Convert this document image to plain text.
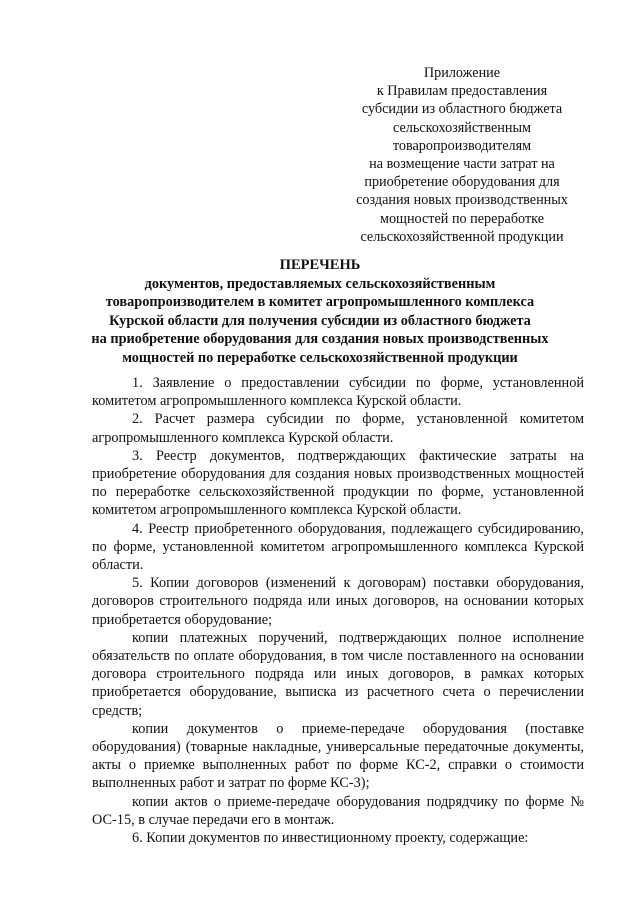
Приложение
к Правилам предоставления
субсидии из областного бюджета
сельскохозяйственным
товаропроизводителям
на возмещение части затрат на
приобретение оборудования для
создания новых производственных
мощностей по переработке
сельскохозяйственной продукции
ПЕРЕЧЕНЬ
документов, предоставляемых сельскохозяйственным
товаропроизводителем в комитет агропромышленного комплекса
Курской области для получения субсидии из областного бюджета
на приобретение оборудования для создания новых производственных
мощностей по переработке сельскохозяйственной продукции

1. Заявление о предоставлении субсидии по форме, установленной комитетом агропромышленного комплекса Курской области.

2. Расчет размера субсидии по форме, установленной комитетом агропромышленного комплекса Курской области.

3. Реестр документов, подтверждающих фактические затраты на приобретение оборудования для создания новых производственных мощностей по переработке сельскохозяйственной продукции по форме, установленной комитетом агропромышленного комплекса Курской области.

4. Реестр приобретенного оборудования, подлежащего субсидированию, по форме, установленной комитетом агропромышленного комплекса Курской области.

5. Копии договоров (изменений к договорам) поставки оборудования, договоров строительного подряда или иных договоров, на основании которых приобретается оборудование;

копии платежных поручений, подтверждающих полное исполнение обязательств по оплате оборудования, в том числе поставленного на основании договора строительного подряда или иных договоров, в рамках которых приобретается оборудование, выписка из расчетного счета о перечислении средств;

копии документов о приеме-передаче оборудования (поставке оборудования) (товарные накладные, универсальные передаточные документы, акты о приемке выполненных работ по форме КС-2, справки о стоимости выполненных работ и затрат по форме КС-3);

копии актов о приеме-передаче оборудования подрядчику по форме № ОС-15, в случае передачи его в монтаж.

6. Копии документов по инвестиционному проекту, содержащие:
